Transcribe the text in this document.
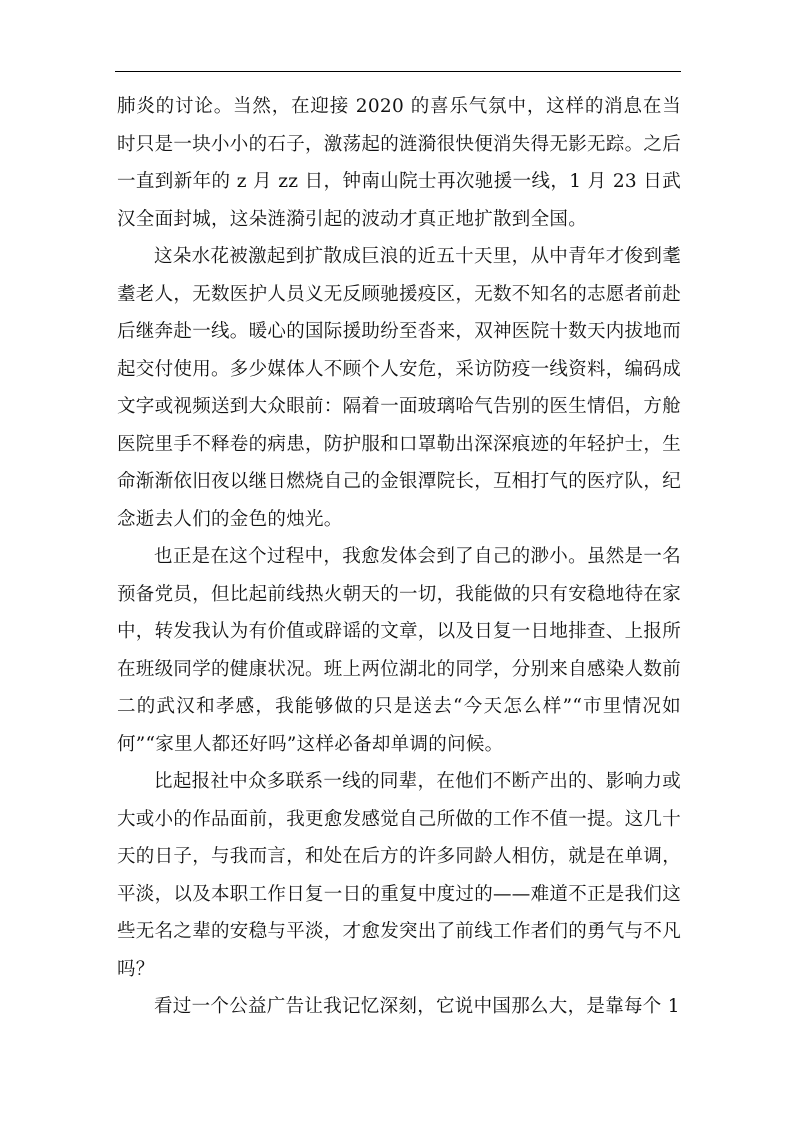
肺炎的讨论。当然，在迎接 2020 的喜乐气氛中，这样的消息在当时只是一块小小的石子，激荡起的涟漪很快便消失得无影无踪。之后一直到新年的 z 月 zz 日，钟南山院士再次驰援一线，1 月 23 日武汉全面封城，这朵涟漪引起的波动才真正地扩散到全国。

这朵水花被激起到扩散成巨浪的近五十天里，从中青年才俊到耄耋老人，无数医护人员义无反顾驰援疫区，无数不知名的志愿者前赴后继奔赴一线。暖心的国际援助纷至沓来，双神医院十数天内拔地而起交付使用。多少媒体人不顾个人安危，采访防疫一线资料，编码成文字或视频送到大众眼前：隔着一面玻璃哈气告别的医生情侣，方舱医院里手不释卷的病患，防护服和口罩勒出深深痕迹的年轻护士，生命渐渐依旧夜以继日燃烧自己的金银潭院长，互相打气的医疗队，纪念逝去人们的金色的烛光。

也正是在这个过程中，我愈发体会到了自己的渺小。虽然是一名预备党员，但比起前线热火朝天的一切，我能做的只有安稳地待在家中，转发我认为有价值或辟谣的文章，以及日复一日地排查、上报所在班级同学的健康状况。班上两位湖北的同学，分别来自感染人数前二的武汉和孝感，我能够做的只是送去“今天怎么样”“市里情况如何”“家里人都还好吗”这样必备却单调的问候。

比起报社中众多联系一线的同辈，在他们不断产出的、影响力或大或小的作品面前，我更愈发感觉自己所做的工作不值一提。这几十天的日子，与我而言，和处在后方的许多同龄人相仿，就是在单调，平淡，以及本职工作日复一日的重复中度过的——难道不正是我们这些无名之辈的安稳与平淡，才愈发突出了前线工作者们的勇气与不凡吗？

看过一个公益广告让我记忆深刻，它说中国那么大，是靠每个 1
